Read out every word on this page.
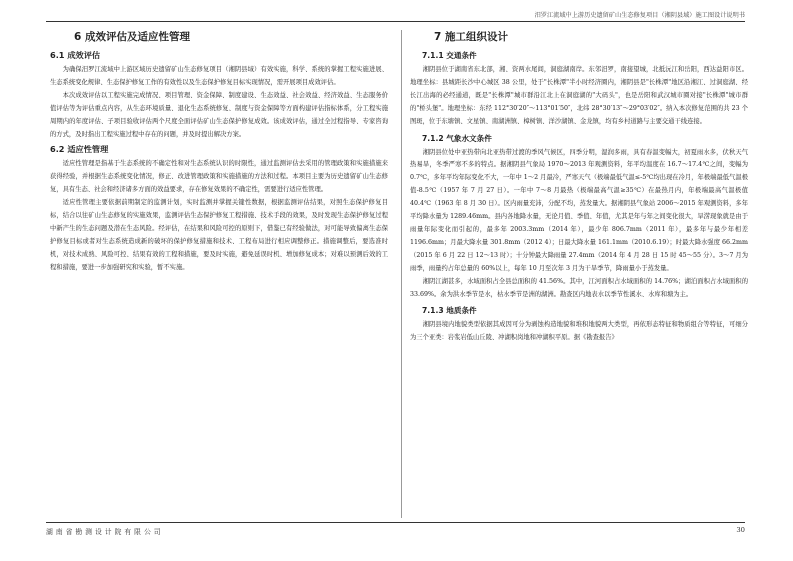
汨罗江流域中上游历史遗留矿山生态修复项目（湘阴县域）施工图设计说明书
6 成效评估及适应性管理
6.1 成效评估

为确保汨罗江流域中上游区域历史遗留矿山生态修复项目（湘阴县域）有效实施，科学、系统的掌握工程实施进展、生态系统变化规律、生态保护修复工作的有效性以及生态保护修复目标实现情况，需开展项目成效评估。

本次成效评估以工程实施完成情况、项目管理、资金保障、制度建设、生态效益、社会效益、经济效益、生态服务价值评估等为评估重点内容，从生态环境质量、退化生态系统修复、制度与资金保障等方面构建评估指标体系，分工程实施周期内的年度评估、子项目验收评估两个尺度全面评估矿山生态保护修复成效。该成效评估，通过全过程指导、专家咨询的方式，及时指出工程实施过程中存在的问题，并及时提出解决方案。

6.2 适应性管理

适应性管理是指基于生态系统的不确定性和对生态系统认识的时限性，通过监测评估去采用的管理政策和实施措施来获得经验，并根据生态系统变化情况，修正、改进管理政策和实施措施的方法和过程。本项目主要为历史遗留矿山生态修复，具有生态、社会和经济诸多方面的效益要求，存在修复效果的不确定性，需要进行适应性管理。

适应性管理主要依据前期制定的监测计划，实时监测并掌握关键性数据，根据监测评估结果，对照生态保护修复目标，结合以往矿山生态修复的实施效果，监测评估生态保护修复工程措施、技术手段的效果，及时发现生态保护修复过程中新产生的生态问题及潜在生态风险。经评估，在结果和风险可控的原则下，借鉴已有经验做法，对可能导致偏离生态保护修复目标或者对生态系统造成新的破坏的保护修复措施和技术、工程布局进行相应调整修正。措施调整后，要选准时机，对技术成熟、风险可控、结果有效的工程和措施，要及时实施，避免延误时机、增加修复成本；对难以预测后效的工程和措施，要进一步加强研究和实验，暂不实施。

7 施工组织设计
7.1.1 交通条件

湘阴县位于湖南省东北部，湘、资两水尾闾，洞庭湖南岸。东邻汨罗，南接望城，北抵沅江和岳阳，西达益阳市区。地理坐标：县城距长沙中心城区 38 公里，处于"长株潭"半小时经济圈内，湘阴县是"长株潭"地区沿湘江、过洞庭湖、经长江出海的必经通道，既是"长株潭"城市群沿江北上在洞庭湖的"大码头"，也是岳阳和武汉城市圈对接"长株潭"城市群的"桥头堡"。地理坐标：东经 112°30′20″～113°01′50″，北纬 28°30′13″～29°03′02″。纳入本次修复范围的共 23 个图斑，位于东塘镇、文星镇、南湖洲镇、樟树镇、洋沙湖镇、金龙镇，均有乡村道路与主要交通干线连接。

7.1.2 气象水文条件

湘阴县位处中亚热带向北亚热带过渡的季风气候区，四季分明，湿润多雨，具有春温变幅大，初夏雨水多，伏秋天气热易旱，冬季严寒不多的特点。据湘阴县气象局 1970～2013 年观测资料，年平均温度在 16.7～17.4℃之间，变幅为 0.7℃，多年平均年际变化不大，一年中 1～2 月最冷，严寒天气（极端最低气温≤-5℃均出现在冷月，年极端最低气温极值-8.5℃（1957 年 7 月 27 日）。一年中 7～8 月最热（极端最高气温≥35℃）在最热月内，年极端最高气温极值 40.4℃（1963 年 8 月 30 日）。区内雨量充沛，分配不均，蒸发量大。据湘阴县气象站 2006～2015 年观测资料，多年平均降水量为 1289.46mm。县内各地降水量，无论月值、季值、年值，尤其是年与年之间变化很大，旱涝现象就是由于雨量年际变化而引起的，最多年 2003.3mm（2014 年），最少年 806.7mm（2011 年），最多年与最少年相差 1196.6mm；月最大降水量 301.8mm（2012 4）；日最大降水量 161.1mm（2010.6.19）；时最大降水强度 66.2mm（2015 年 6 月 22 日 12～13 时）；十分钟最大降雨量 27.4mm（2014 年 4 月 28 日 15 时 45～55 分）。3～7 月为雨季，雨量约占年总量的 60%以上，每年 10 月至次年 3 月为干旱季节，降雨量小于蒸发量。

湘阴江湖甚多，水域面积占全县总面积的 41.56%。其中，江河面积占水域面积的 14.76%；湖泊面积占水域面积的 33.69%。余为洪水季节是水，枯水季节是洲的湖洲。勘查区内地表水以季节性溪水、水库和塘为主。

7.1.3 地质条件

湘阴县境内地貌类型依据其成因可分为剥蚀构造地貌和堆积地貌两大类型，再依形态特征和物质组合等特征，可细分为三个亚类：岩浆岩低山丘陵、冲湖积岗地和冲湖积平原。据《勘查报告》

湖南省勘测设计院有限公司	30
